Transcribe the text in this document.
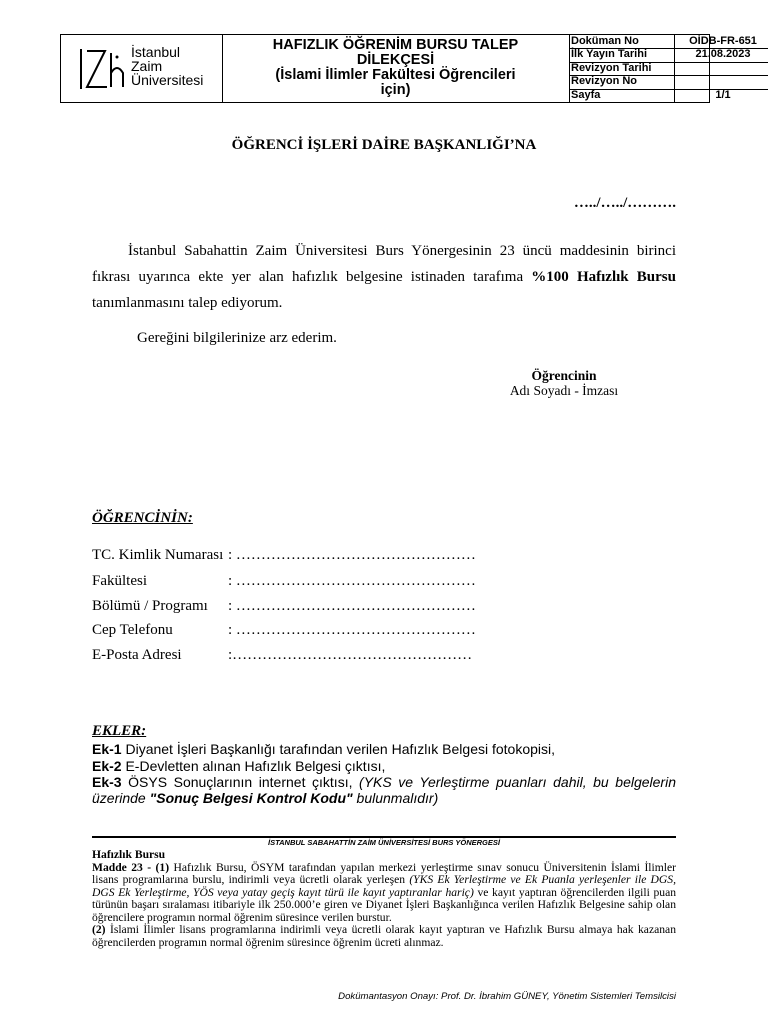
İstanbul
Zaim
Üniversitesi
HAFIZLIK ÖĞRENİM BURSU TALEP
DİLEKÇESİ
(İslami İlimler Fakültesi Öğrencileri
için)
Doküman No	OİDB-FR-651
İlk Yayın Tarihi	21.08.2023
Revizyon Tarihi
Revizyon No
Sayfa	1/1
ÖĞRENCİ İŞLERİ DAİRE BAŞKANLIĞI’NA
…../…../……….
İstanbul Sabahattin Zaim Üniversitesi Burs Yönergesinin 23 üncü maddesinin birinci fıkrası uyarınca ekte yer alan hafızlık belgesine istinaden tarafıma %100 Hafızlık Bursu tanımlanmasını talep ediyorum.
Gereğini bilgilerinize arz ederim.
Öğrencinin
Adı Soyadı - İmzası
ÖĞRENCİNİN:
TC. Kimlik Numarası : …………………………………………
Fakültesi	: …………………………………………
Bölümü / Programı : …………………………………………
Cep Telefonu	: …………………………………………
E-Posta Adresi	:…………………………………………
EKLER:
Ek-1 Diyanet İşleri Başkanlığı tarafından verilen Hafızlık Belgesi fotokopisi,
Ek-2 E-Devletten alınan Hafızlık Belgesi çıktısı,
Ek-3 ÖSYS Sonuçlarının internet çıktısı, (YKS ve Yerleştirme puanları dahil, bu belgelerin üzerinde "Sonuç Belgesi Kontrol Kodu" bulunmalıdır)
İSTANBUL SABAHATTİN ZAİM ÜNİVERSİTESİ BURS YÖNERGESİ
Hafızlık Bursu
Madde 23 - (1) Hafızlık Bursu, ÖSYM tarafından yapılan merkezi yerleştirme sınav sonucu Üniversitenin İslami İlimler lisans programlarına burslu, indirimli veya ücretli olarak yerleşen (YKS Ek Yerleştirme ve Ek Puanla yerleşenler ile DGS, DGS Ek Yerleştirme, YÖS veya yatay geçiş kayıt türü ile kayıt yaptıranlar hariç) ve kayıt yaptıran öğrencilerden ilgili puan türünün başarı sıralaması itibariyle ilk 250.000’e giren ve Diyanet İşleri Başkanlığınca verilen Hafızlık Belgesine sahip olan öğrencilere programın normal öğrenim süresince verilen burstur.
(2) İslami İlimler lisans programlarına indirimli veya ücretli olarak kayıt yaptıran ve Hafızlık Bursu almaya hak kazanan öğrencilerden programın normal öğrenim süresince öğrenim ücreti alınmaz.
Dokümantasyon Onayı: Prof. Dr. İbrahim GÜNEY, Yönetim Sistemleri Temsilcisi
